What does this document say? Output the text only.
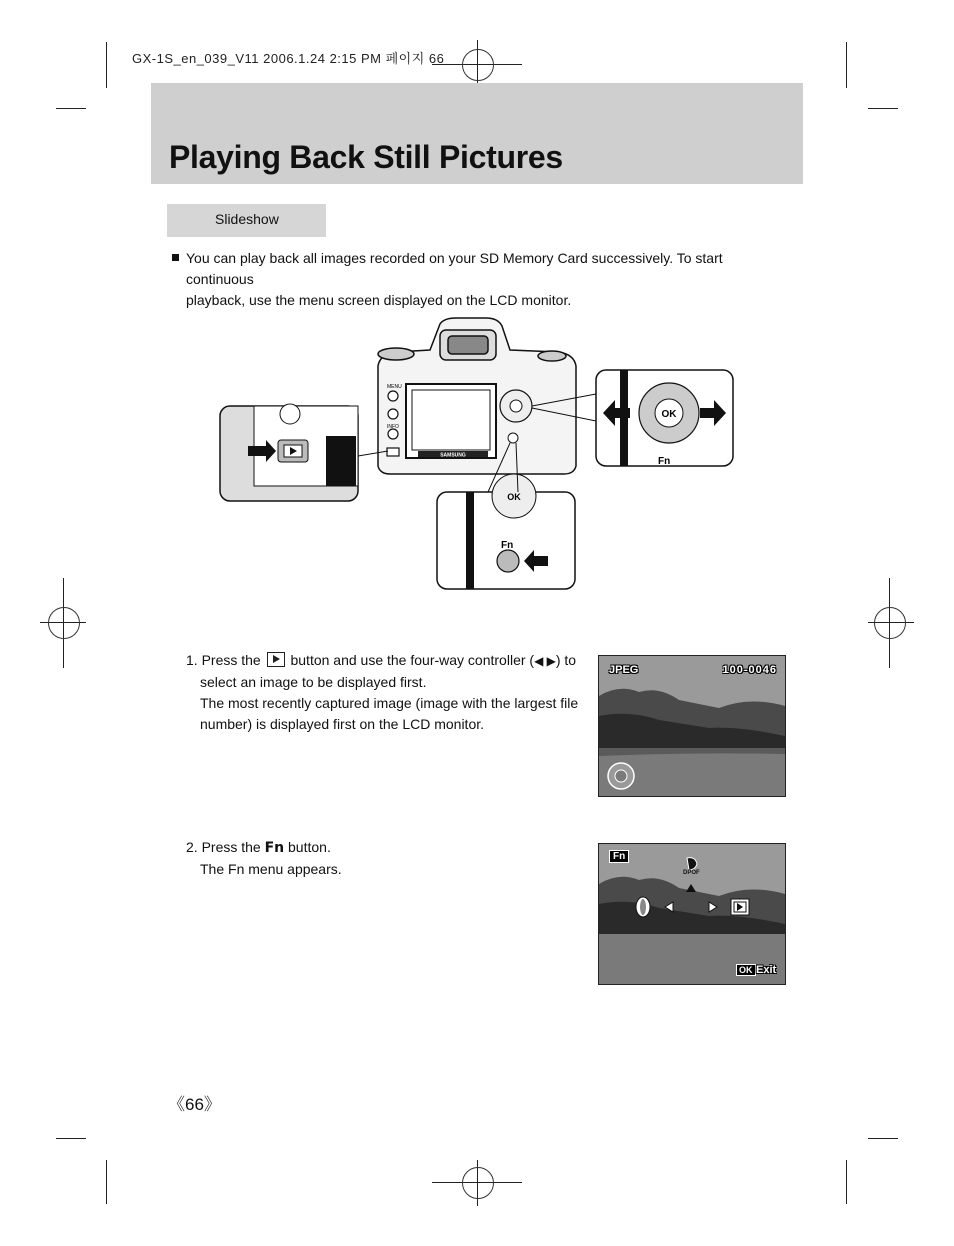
GX-1S_en_039_V11 2006.1.24 2:15 PM 페이지 66
Playing Back Still Pictures
Slideshow
You can play back all images recorded on your SD Memory Card successively. To start continuous
playback, use the menu screen displayed on the LCD monitor.
SAMSUNG
MENU
INFO
OK
Fn
OK
Fn
1. Press the button and use the four-way controller (◀ ▶) to
select an image to be displayed first.
The most recently captured image (image with the largest file
number) is displayed first on the LCD monitor.
JPEG	100-0046
2. Press the Fn button.
The Fn menu appears.
Fn
DPOF
OK Exit
《66》
